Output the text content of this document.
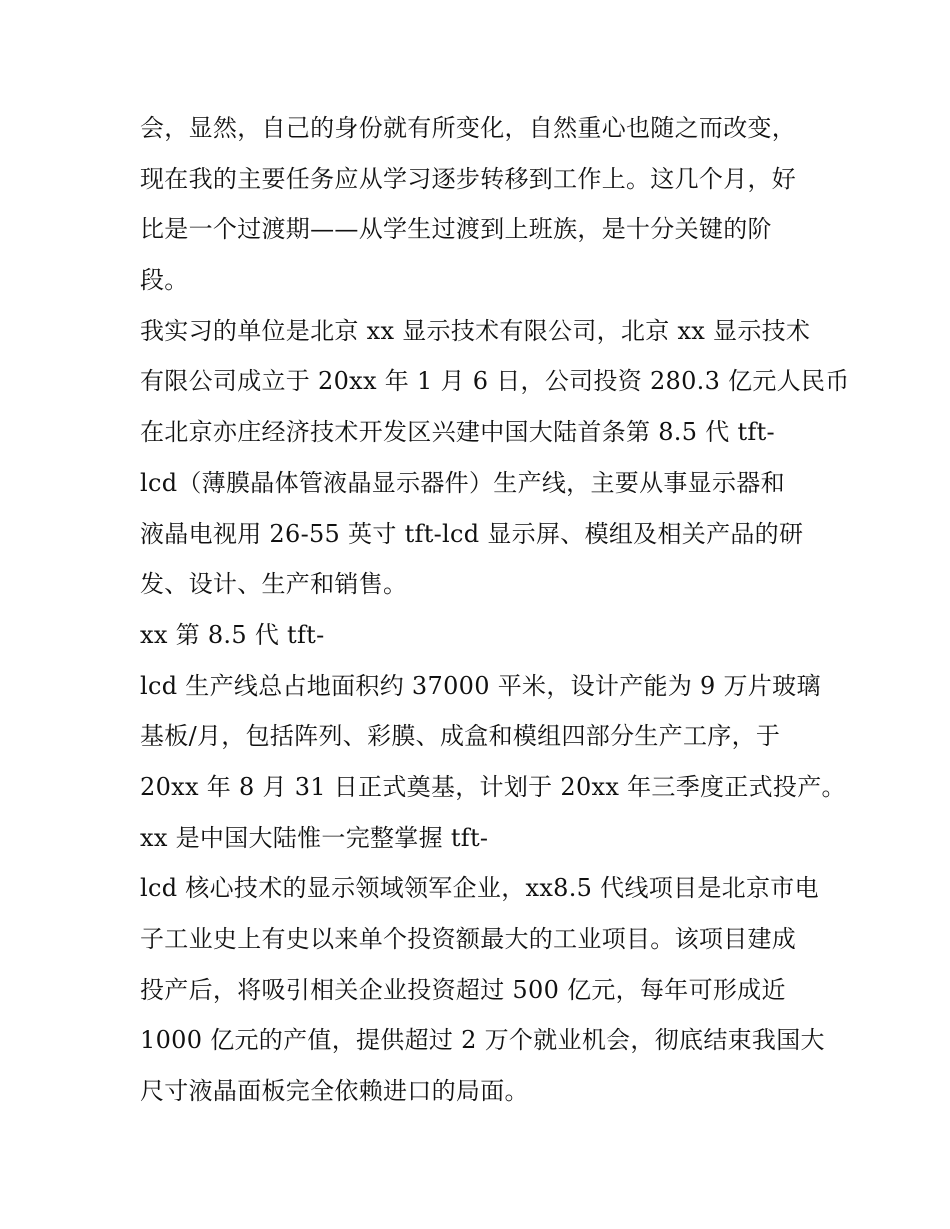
会，显然，自己的身份就有所变化，自然重心也随之而改变，
现在我的主要任务应从学习逐步转移到工作上。这几个月，好
比是一个过渡期——从学生过渡到上班族，是十分关键的阶
段。
我实习的单位是北京 xx 显示技术有限公司，北京 xx 显示技术
有限公司成立于 20xx 年 1 月 6 日，公司投资 280.3 亿元人民币
在北京亦庄经济技术开发区兴建中国大陆首条第 8.5 代 tft-
lcd（薄膜晶体管液晶显示器件）生产线，主要从事显示器和
液晶电视用 26-55 英寸 tft-lcd 显示屏、模组及相关产品的研
发、设计、生产和销售。
xx 第 8.5 代 tft-
lcd 生产线总占地面积约 37000 平米，设计产能为 9 万片玻璃
基板/月，包括阵列、彩膜、成盒和模组四部分生产工序，于
20xx 年 8 月 31 日正式奠基，计划于 20xx 年三季度正式投产。
xx 是中国大陆惟一完整掌握 tft-
lcd 核心技术的显示领域领军企业，xx8.5 代线项目是北京市电
子工业史上有史以来单个投资额最大的工业项目。该项目建成
投产后，将吸引相关企业投资超过 500 亿元，每年可形成近
1000 亿元的产值，提供超过 2 万个就业机会，彻底结束我国大
尺寸液晶面板完全依赖进口的局面。
